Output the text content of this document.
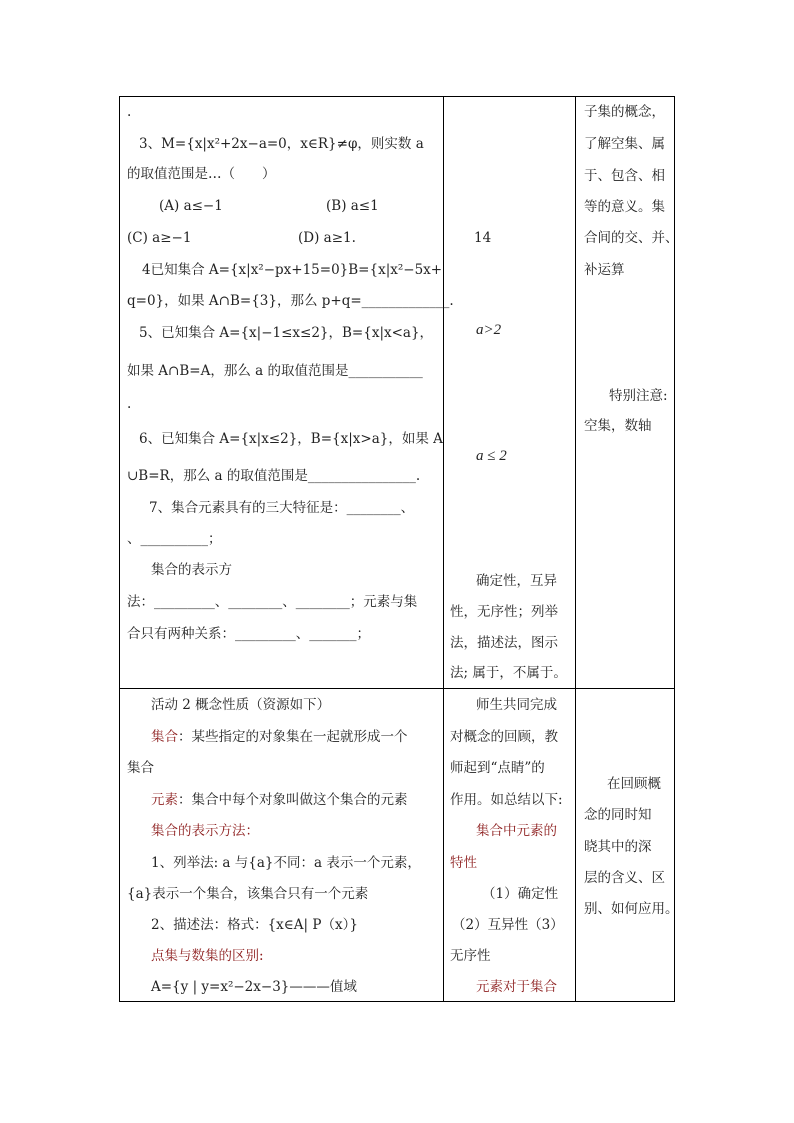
.
3、M={x|x²+2x−a=0，x∈R}≠φ，则实数 a
的取值范围是…（　　）
(A) a≤−1	(B) a≤1
(C) a≥−1	(D) a≥1.
4已知集合 A={x|x²−px+15=0}B={x|x²−5x+
q=0}，如果 A∩B={3}，那么 p+q=_____________.
5、已知集合 A={x|−1≤x≤2}，B={x|x<a}，
如果 A∩B=A，那么 a 的取值范围是___________
.
6、已知集合 A={x|x≤2}，B={x|x>a}，如果 A
∪B=R，那么 a 的取值范围是________________.
7、集合元素具有的三大特征是：________、
、__________；
集合的表示方
法：_________、________、________；元素与集
合只有两种关系：_________、_______；
14
a>2
a ≤ 2
确定性，互异
性，无序性；列举
法，描述法，图示
法; 属于，不属于。
子集的概念，
了解空集、属
于、包含、相
等的意义。集
合间的交、并、
补运算
特别注意:
空集，数轴
活动 2 概念性质（资源如下）
集合：某些指定的对象集在一起就形成一个
集合
元素：集合中每个对象叫做这个集合的元素
集合的表示方法：
1、列举法: a 与{a}不同：a 表示一个元素，
{a}表示一个集合，该集合只有一个元素
2、描述法：格式：{x∈A| P（x）}
点集与数集的区别:
A={y | y=x²−2x−3}———值域
师生共同完成
对概念的回顾，教
师起到“点睛”的
作用。如总结以下:
集合中元素的
特性
（1）确定性
（2）互异性（3）
无序性
元素对于集合
在回顾概
念的同时知
晓其中的深
层的含义、区
别、如何应用。
